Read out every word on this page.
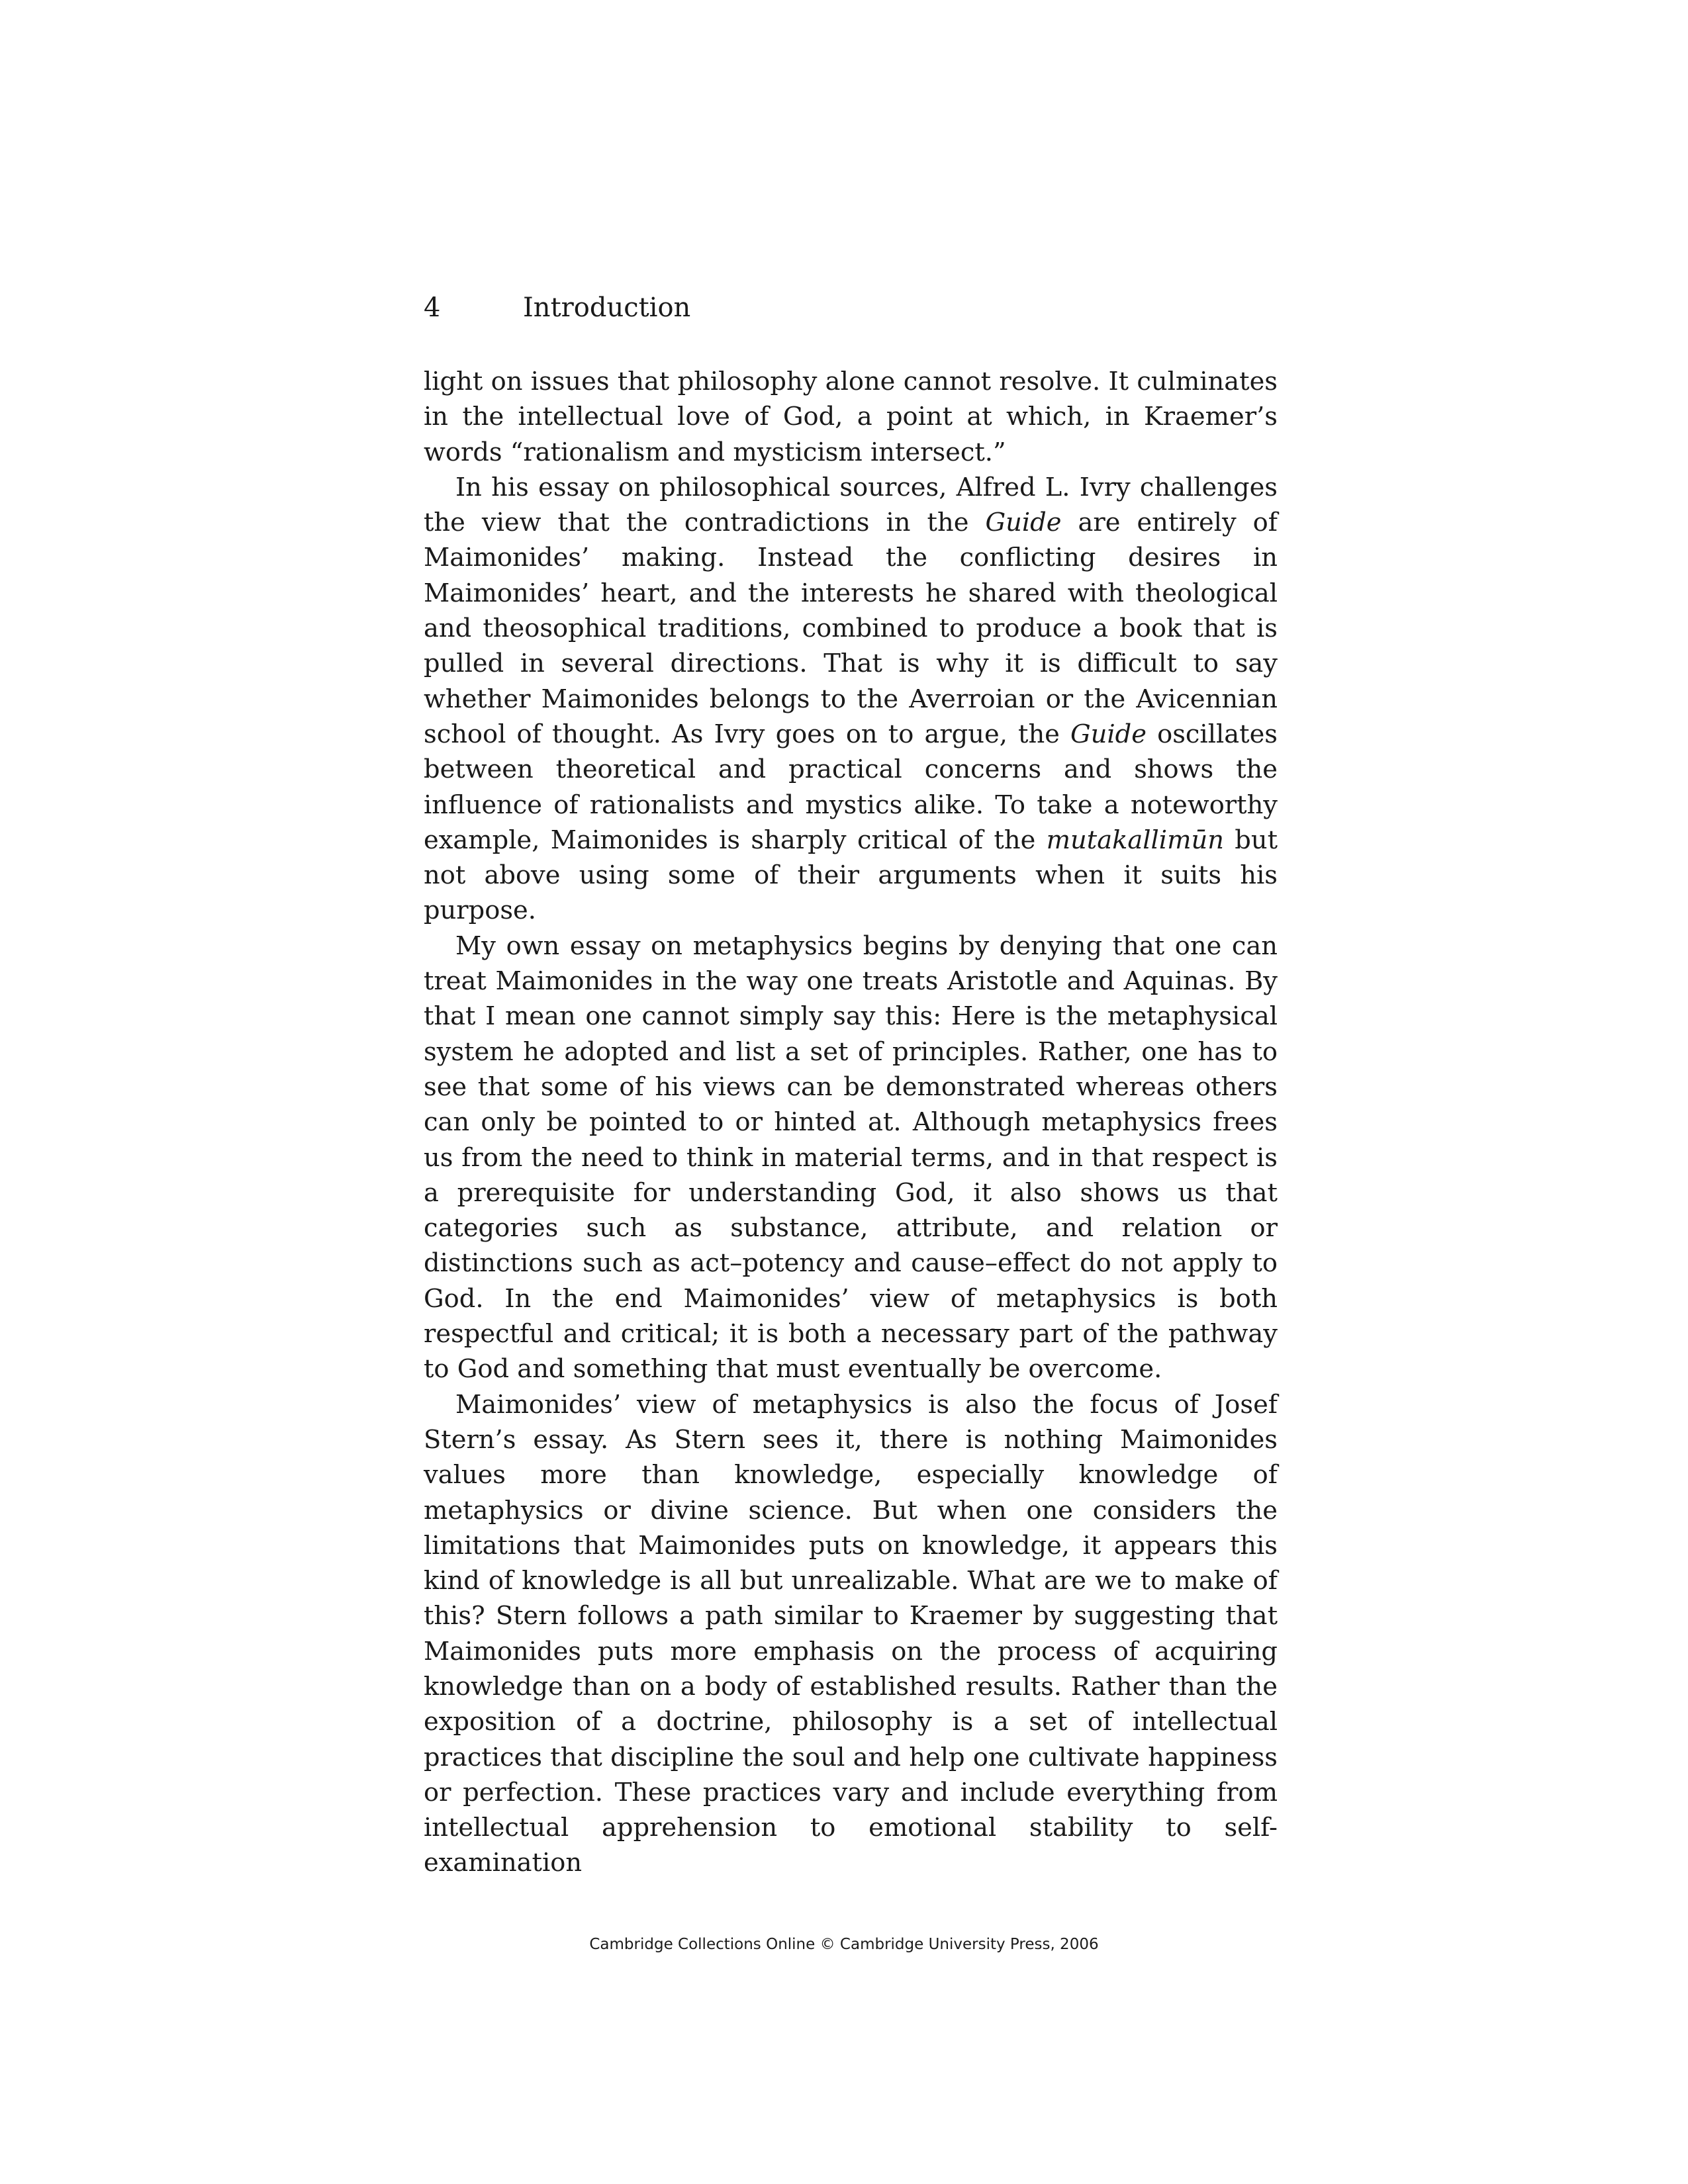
4	Introduction

light on issues that philosophy alone cannot resolve. It culminates in the intellectual love of God, a point at which, in Kraemer’s words “rationalism and mysticism intersect.”

In his essay on philosophical sources, Alfred L. Ivry challenges the view that the contradictions in the Guide are entirely of Maimonides’ making. Instead the conflicting desires in Maimonides’ heart, and the interests he shared with theological and theosophical traditions, combined to produce a book that is pulled in several directions. That is why it is difficult to say whether Maimonides belongs to the Averroian or the Avicennian school of thought. As Ivry goes on to argue, the Guide oscillates between theoretical and practical concerns and shows the influence of rationalists and mystics alike. To take a noteworthy example, Maimonides is sharply critical of the mutakallimūn but not above using some of their arguments when it suits his purpose.

My own essay on metaphysics begins by denying that one can treat Maimonides in the way one treats Aristotle and Aquinas. By that I mean one cannot simply say this: Here is the metaphysical system he adopted and list a set of principles. Rather, one has to see that some of his views can be demonstrated whereas others can only be pointed to or hinted at. Although metaphysics frees us from the need to think in material terms, and in that respect is a prerequisite for understanding God, it also shows us that categories such as substance, attribute, and relation or distinctions such as act–potency and cause–effect do not apply to God. In the end Maimonides’ view of metaphysics is both respectful and critical; it is both a necessary part of the pathway to God and something that must eventually be overcome.

Maimonides’ view of metaphysics is also the focus of Josef Stern’s essay. As Stern sees it, there is nothing Maimonides values more than knowledge, especially knowledge of metaphysics or divine science. But when one considers the limitations that Maimonides puts on knowledge, it appears this kind of knowledge is all but unrealizable. What are we to make of this? Stern follows a path similar to Kraemer by suggesting that Maimonides puts more emphasis on the process of acquiring knowledge than on a body of established results. Rather than the exposition of a doctrine, philosophy is a set of intellectual practices that discipline the soul and help one cultivate happiness or perfection. These practices vary and include everything from intellectual apprehension to emotional stability to self-examination

Cambridge Collections Online © Cambridge University Press, 2006
